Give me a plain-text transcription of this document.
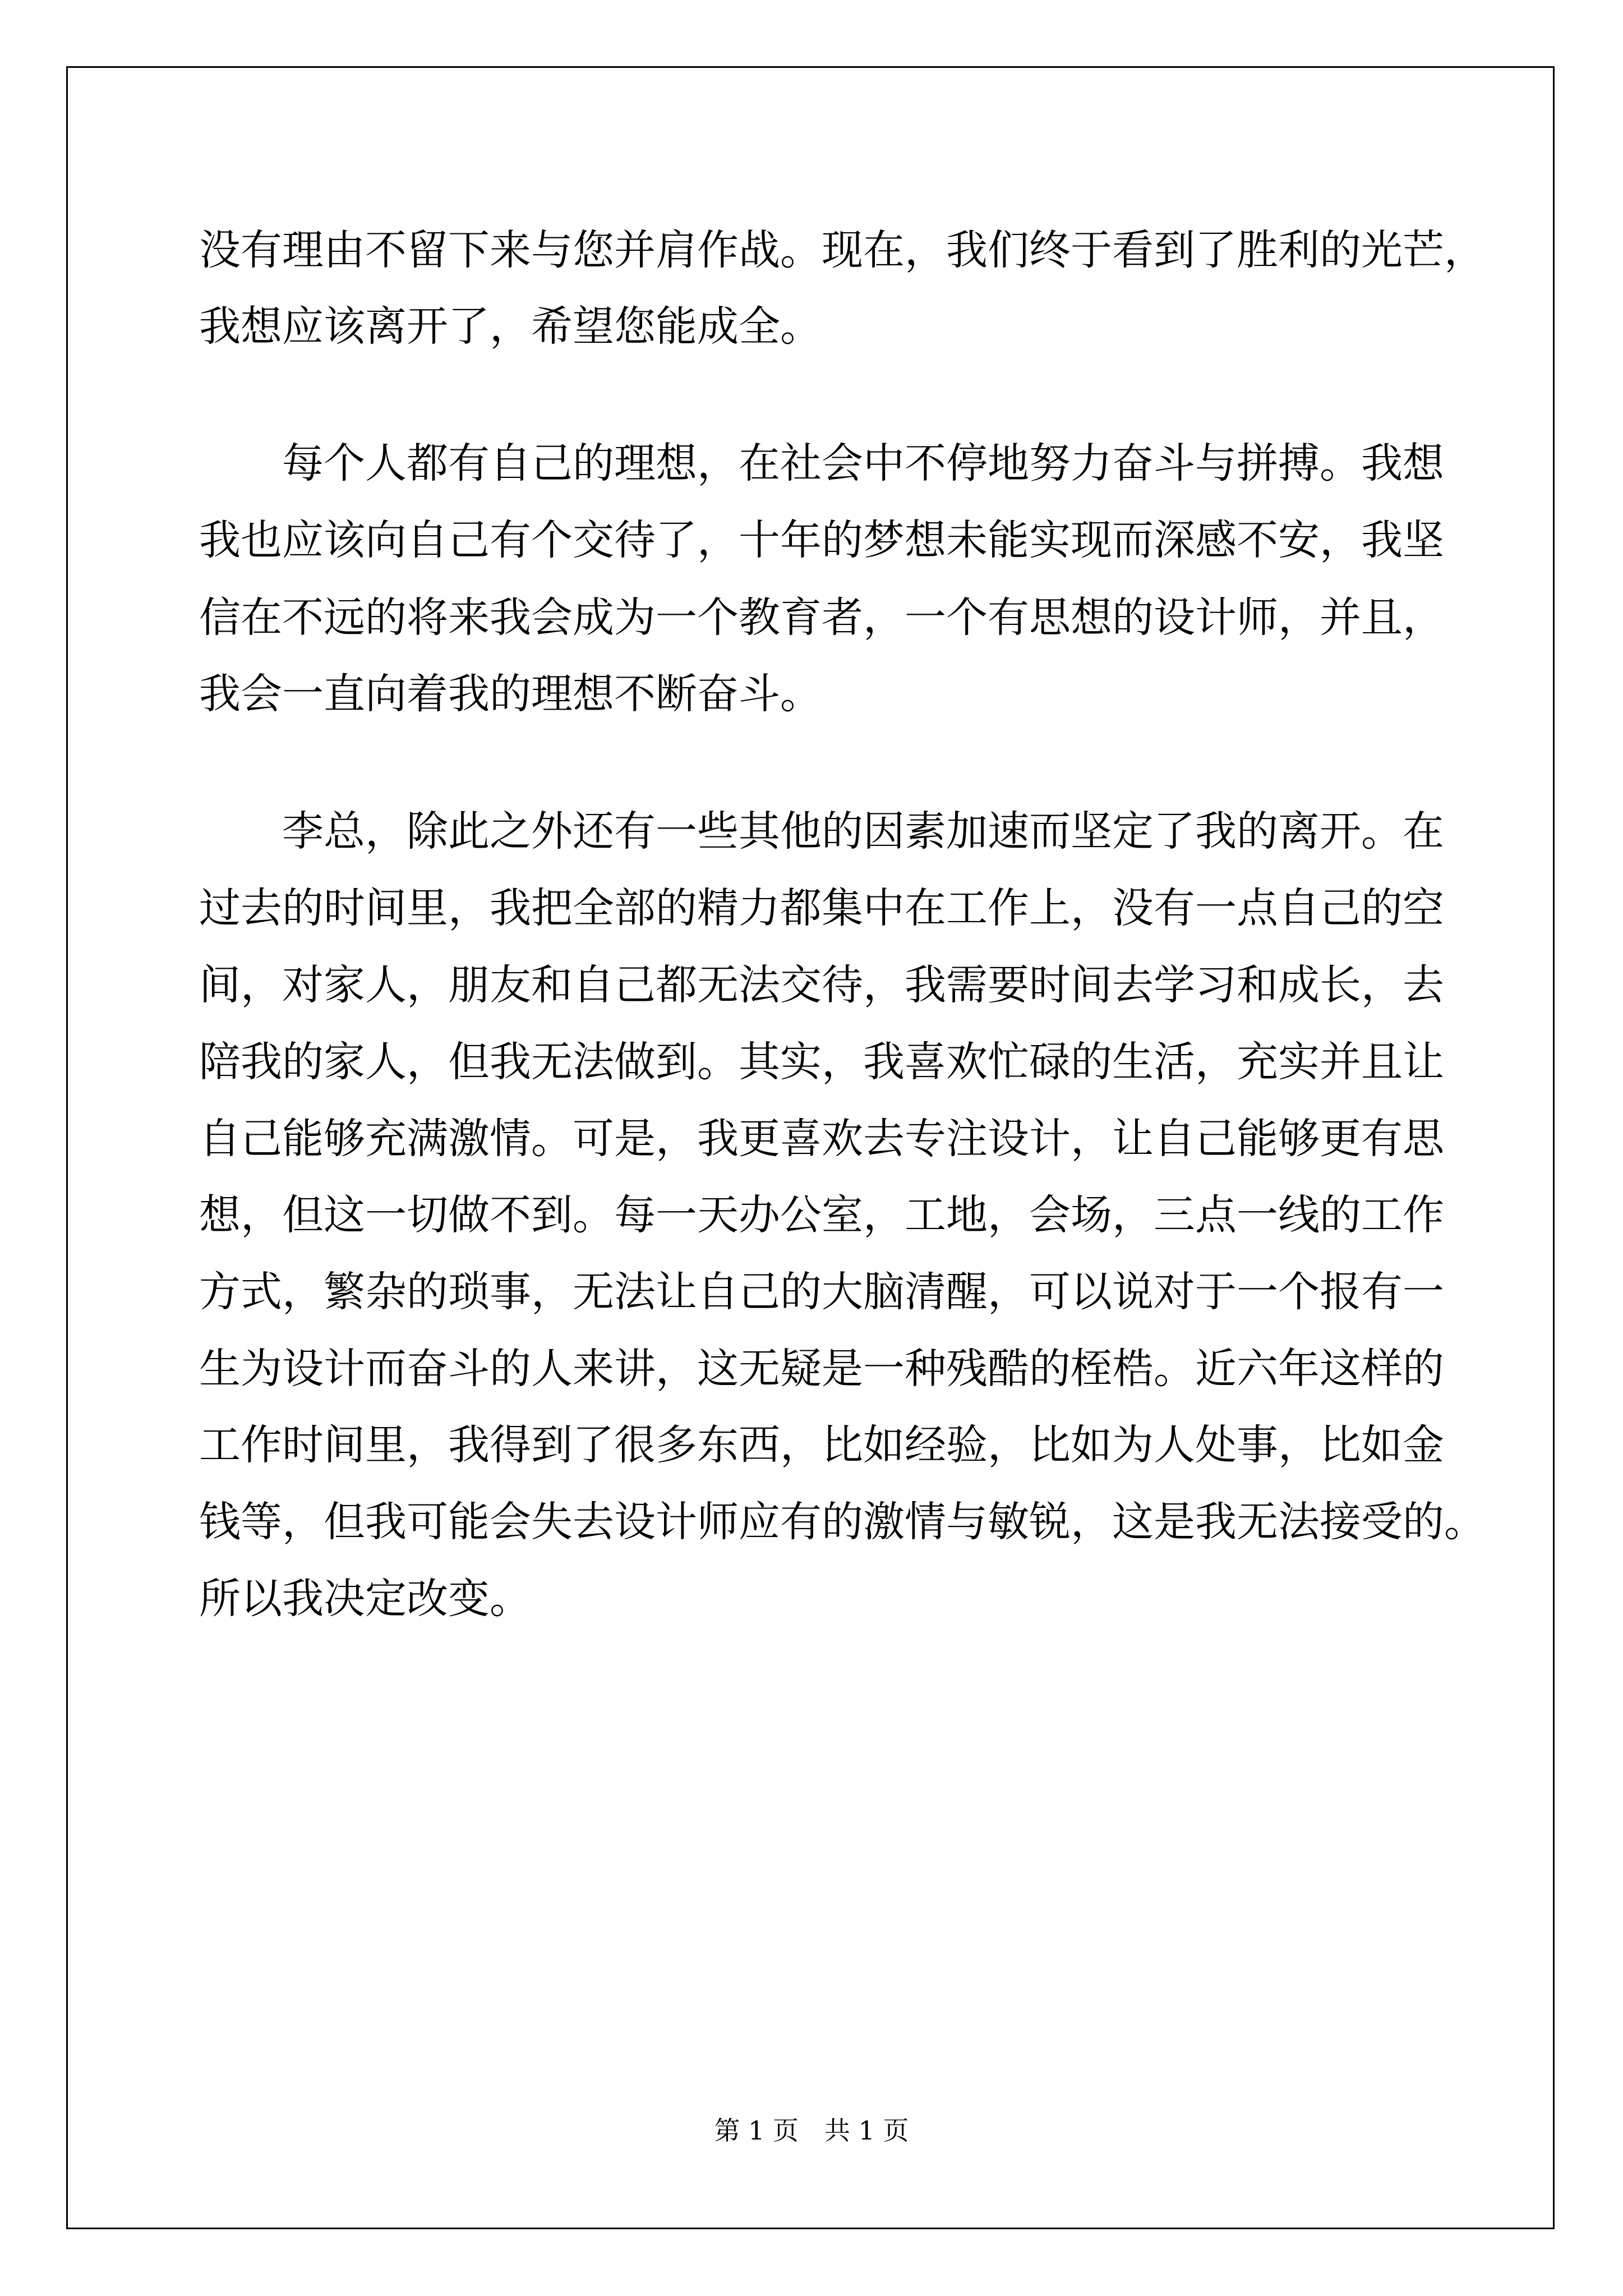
没有理由不留下来与您并肩作战。现在，我们终于看到了胜利的光芒，

我想应该离开了，希望您能成全。

每个人都有自己的理想，在社会中不停地努力奋斗与拼搏。我想

我也应该向自己有个交待了，十年的梦想未能实现而深感不安，我坚

信在不远的将来我会成为一个教育者，一个有思想的设计师，并且，

我会一直向着我的理想不断奋斗。

李总，除此之外还有一些其他的因素加速而坚定了我的离开。在

过去的时间里，我把全部的精力都集中在工作上，没有一点自己的空

间，对家人，朋友和自己都无法交待，我需要时间去学习和成长，去

陪我的家人，但我无法做到。其实，我喜欢忙碌的生活，充实并且让

自己能够充满激情。可是，我更喜欢去专注设计，让自己能够更有思

想，但这一切做不到。每一天办公室，工地，会场，三点一线的工作

方式，繁杂的琐事，无法让自己的大脑清醒，可以说对于一个报有一

生为设计而奋斗的人来讲，这无疑是一种残酷的桎梏。近六年这样的

工作时间里，我得到了很多东西，比如经验，比如为人处事，比如金

钱等，但我可能会失去设计师应有的激情与敏锐，这是我无法接受的。

所以我决定改变。

第 1 页　共 1 页
